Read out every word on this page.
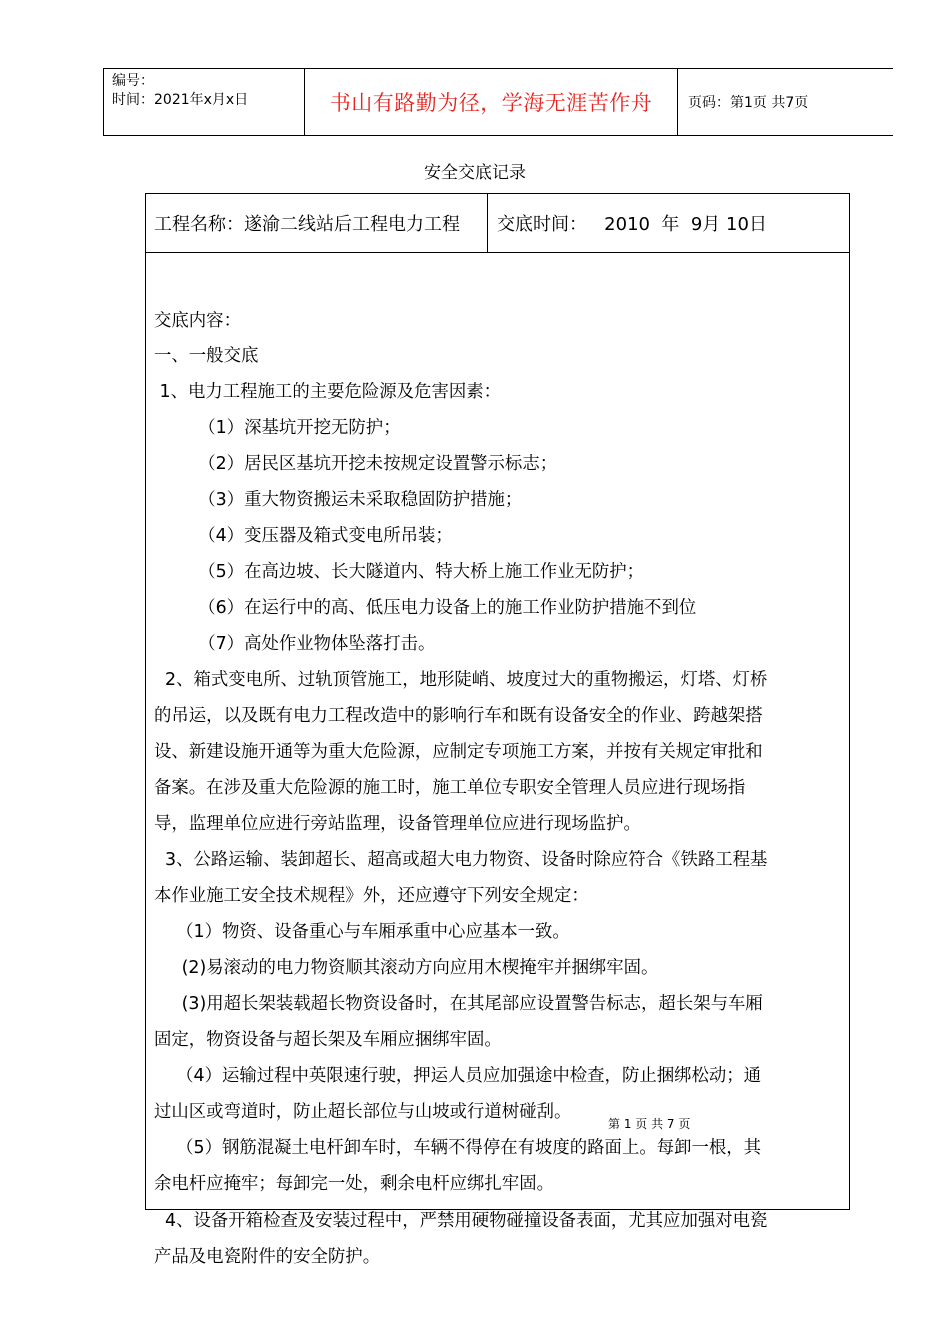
编号：
时间：2021年x月x日	书山有路勤为径，学海无涯苦作舟	页码：第1页 共7页
安全交底记录
工程名称：遂渝二线站后工程电力工程	交底时间：   2010  年  9月 10日
交底内容：
一、一般交底
1、电力工程施工的主要危险源及危害因素：
（1）深基坑开挖无防护；
（2）居民区基坑开挖未按规定设置警示标志；
（3）重大物资搬运未采取稳固防护措施；
（4）变压器及箱式变电所吊装；
（5）在高边坡、长大隧道内、特大桥上施工作业无防护；
（6）在运行中的高、低压电力设备上的施工作业防护措施不到位
（7）高处作业物体坠落打击。
2、箱式变电所、过轨顶管施工，地形陡峭、坡度过大的重物搬运，灯塔、灯桥
的吊运，以及既有电力工程改造中的影响行车和既有设备安全的作业、跨越架搭
设、新建设施开通等为重大危险源，应制定专项施工方案，并按有关规定审批和
备案。在涉及重大危险源的施工时，施工单位专职安全管理人员应进行现场指
导，监理单位应进行旁站监理，设备管理单位应进行现场监护。
3、公路运输、装卸超长、超高或超大电力物资、设备时除应符合《铁路工程基
本作业施工安全技术规程》外，还应遵守下列安全规定：
（1）物资、设备重心与车厢承重中心应基本一致。
(2)易滚动的电力物资顺其滚动方向应用木楔掩牢并捆绑牢固。
(3)用超长架装载超长物资设备时，在其尾部应设置警告标志，超长架与车厢
固定，物资设备与超长架及车厢应捆绑牢固。
（4）运输过程中英限速行驶，押运人员应加强途中检查，防止捆绑松动；通
过山区或弯道时，防止超长部位与山坡或行道树碰刮。
（5）钢筋混凝土电杆卸车时，车辆不得停在有坡度的路面上。每卸一根，其
余电杆应掩牢；每卸完一处，剩余电杆应绑扎牢固。
4、设备开箱检查及安装过程中，严禁用硬物碰撞设备表面，尤其应加强对电瓷
产品及电瓷附件的安全防护。
第 1 页 共 7 页
